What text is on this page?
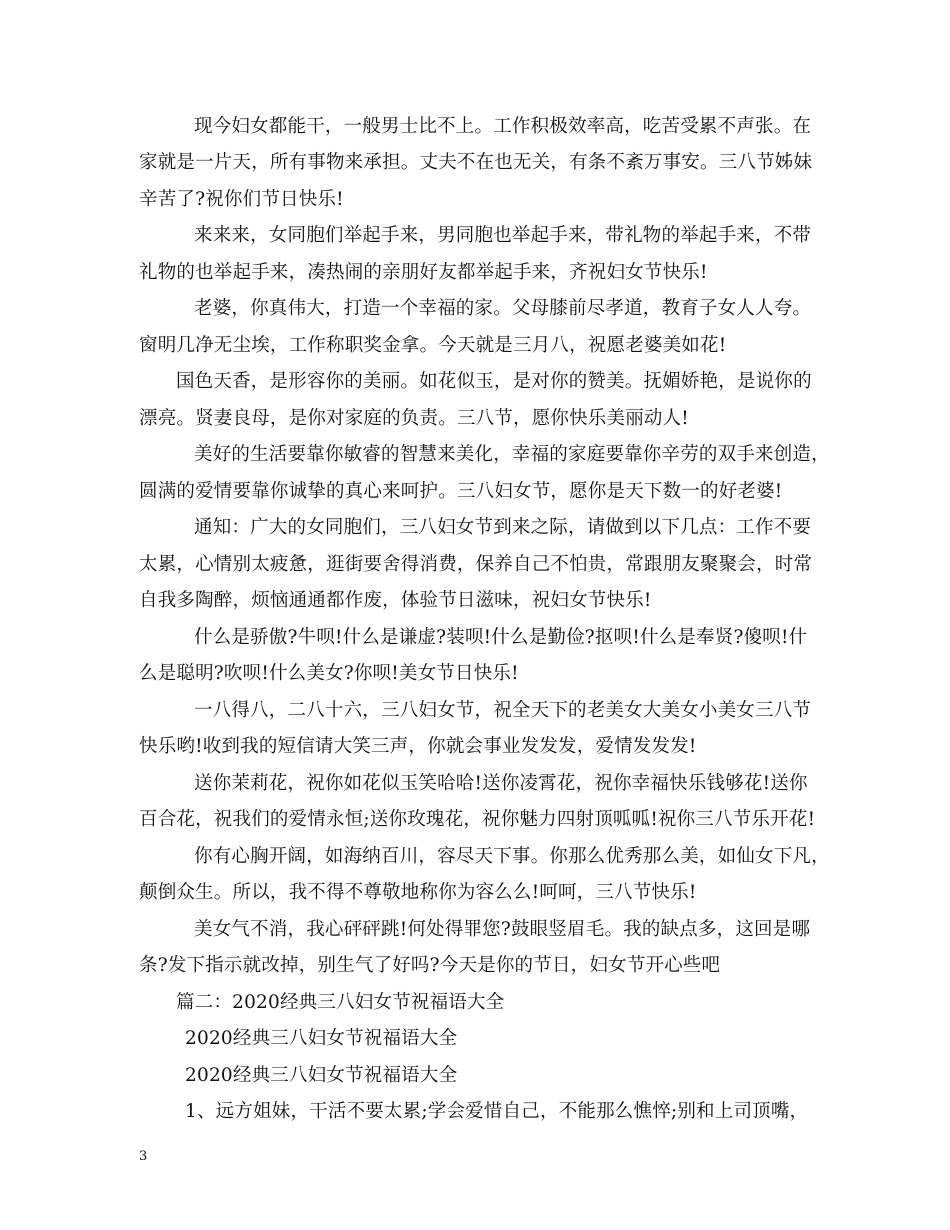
现今妇女都能干，一般男士比不上。工作积极效率高，吃苦受累不声张。在
家就是一片天，所有事物来承担。丈夫不在也无关，有条不紊万事安。三八节姊妹
辛苦了?祝你们节日快乐!
来来来，女同胞们举起手来，男同胞也举起手来，带礼物的举起手来，不带
礼物的也举起手来，凑热闹的亲朋好友都举起手来，齐祝妇女节快乐!
老婆，你真伟大，打造一个幸福的家。父母膝前尽孝道，教育子女人人夸。
窗明几净无尘埃，工作称职奖金拿。今天就是三月八，祝愿老婆美如花!
国色天香，是形容你的美丽。如花似玉，是对你的赞美。抚媚娇艳，是说你的
漂亮。贤妻良母，是你对家庭的负责。三八节，愿你快乐美丽动人!
美好的生活要靠你敏睿的智慧来美化，幸福的家庭要靠你辛劳的双手来创造，
圆满的爱情要靠你诚挚的真心来呵护。三八妇女节，愿你是天下数一的好老婆!
通知：广大的女同胞们，三八妇女节到来之际，请做到以下几点：工作不要
太累，心情别太疲惫，逛街要舍得消费，保养自己不怕贵，常跟朋友聚聚会，时常
自我多陶醉，烦恼通通都作废，体验节日滋味，祝妇女节快乐!
什么是骄傲?牛呗!什么是谦虚?装呗!什么是勤俭?抠呗!什么是奉贤?傻呗!什
么是聪明?吹呗!什么美女?你呗!美女节日快乐!
一八得八，二八十六，三八妇女节，祝全天下的老美女大美女小美女三八节
快乐哟!收到我的短信请大笑三声，你就会事业发发发，爱情发发发!
送你茉莉花，祝你如花似玉笑哈哈!送你凌霄花，祝你幸福快乐钱够花!送你
百合花，祝我们的爱情永恒;送你玫瑰花，祝你魅力四射顶呱呱!祝你三八节乐开花!
你有心胸开阔，如海纳百川，容尽天下事。你那么优秀那么美，如仙女下凡，
颠倒众生。所以，我不得不尊敬地称你为容么么!呵呵，三八节快乐!
美女气不消，我心砰砰跳!何处得罪您?鼓眼竖眉毛。我的缺点多，这回是哪
条?发下指示就改掉，别生气了好吗?今天是你的节日，妇女节开心些吧
篇二：2020经典三八妇女节祝福语大全
2020经典三八妇女节祝福语大全
2020经典三八妇女节祝福语大全
1、远方姐妹，干活不要太累;学会爱惜自己，不能那么憔悴;别和上司顶嘴，
3
